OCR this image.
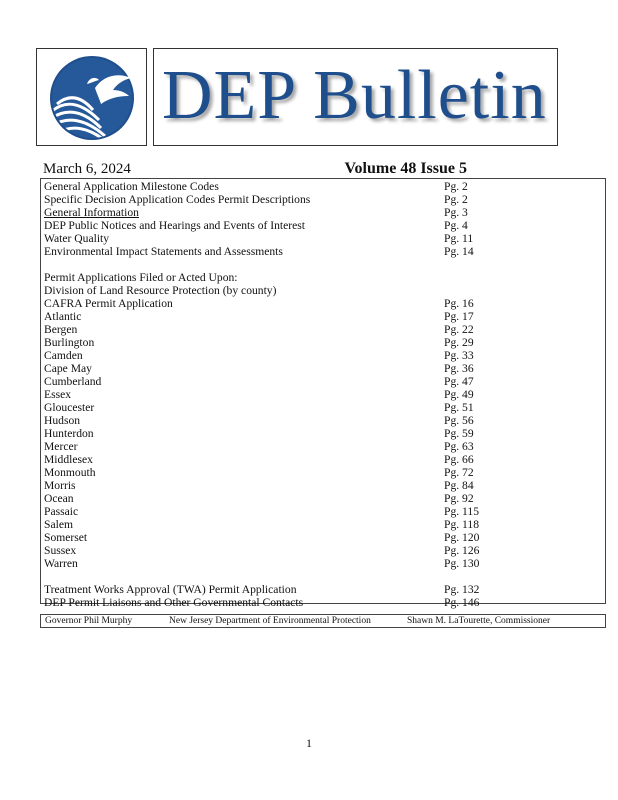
DEP Bulletin
March 6, 2024	Volume 48 Issue 5
General Application Milestone Codes	Pg. 2
Specific Decision Application Codes Permit Descriptions	Pg. 2
General Information	Pg. 3
DEP Public Notices and Hearings and Events of Interest	Pg. 4
Water Quality	Pg. 11
Environmental Impact Statements and Assessments	Pg. 14
Permit Applications Filed or Acted Upon:
Division of Land Resource Protection (by county)
CAFRA Permit Application	Pg. 16
Atlantic	Pg. 17
Bergen	Pg. 22
Burlington	Pg. 29
Camden	Pg. 33
Cape May	Pg. 36
Cumberland	Pg. 47
Essex	Pg. 49
Gloucester	Pg. 51
Hudson	Pg. 56
Hunterdon	Pg. 59
Mercer	Pg. 63
Middlesex	Pg. 66
Monmouth	Pg. 72
Morris	Pg. 84
Ocean	Pg. 92
Passaic	Pg. 115
Salem	Pg. 118
Somerset	Pg. 120
Sussex	Pg. 126
Warren	Pg. 130
Treatment Works Approval (TWA) Permit Application	Pg. 132
DEP Permit Liaisons and Other Governmental Contacts	Pg. 146
Governor Phil Murphy	New Jersey Department of Environmental Protection	Shawn M. LaTourette, Commissioner
1
